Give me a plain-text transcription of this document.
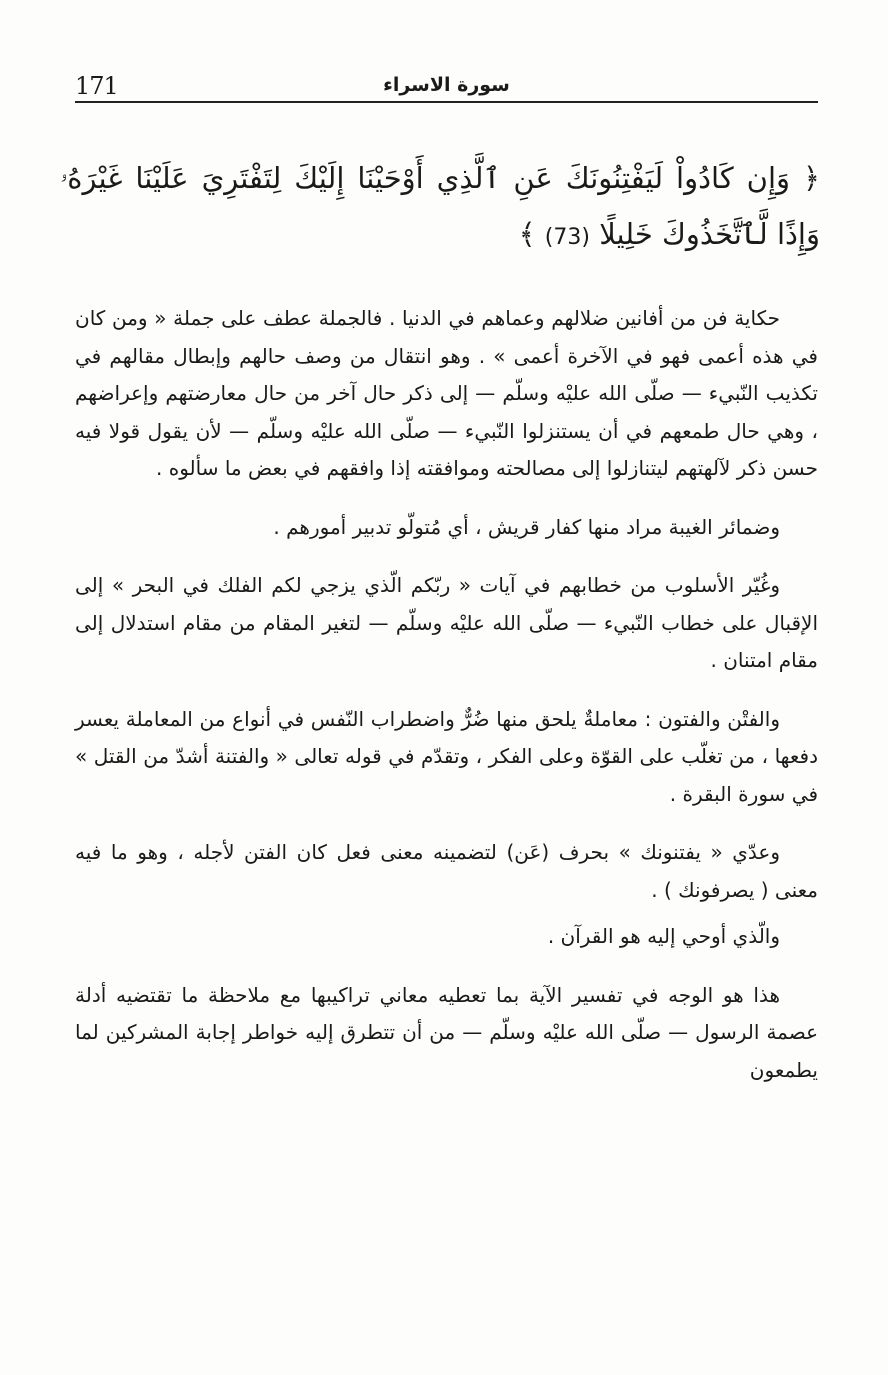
171	سورة الاسراء
﴿ وَإِن كَادُواْ لَيَفْتِنُونَكَ عَنِ ٱلَّذِي أَوْحَيْنَا إِلَيْكَ لِتَفْتَرِيَ عَلَيْنَا غَيْرَهُۥ وَإِذًا لَّٱتَّخَذُوكَ خَلِيلًا (73) ﴾

حكاية فن من أفانين ضلالهم وعماهم في الدنيا . فالجملة عطف على جملة « ومن كان في هذه أعمى فهو في الآخرة أعمى » . وهو انتقال من وصف حالهم وإبطال مقالهم في تكذيب النّبيء — صلّى الله عليْه وسلّم — إلى ذكر حال آخر من حال معارضتهم وإعراضهم ، وهي حال طمعهم في أن يستنزلوا النّبيء — صلّى الله عليْه وسلّم — لأن يقول قولا فيه حسن ذكر لآلهتهم ليتنازلوا إلى مصالحته وموافقته إذا وافقهم في بعض ما سألوه .

وضمائر الغيبة مراد منها كفار قريش ، أي مُتولّو تدبير أمورهم .

وغُيّر الأسلوب من خطابهم في آيات « ربّكم الّذي يزجي لكم الفلك في البحر » إلى الإقبال على خطاب النّبيء — صلّى الله عليْه وسلّم — لتغير المقام من مقام استدلال إلى مقام امتنان .

والفتْن والفتون : معاملةٌ يلحق منها ضُرٌّ واضطراب النّفس في أنواع من المعاملة يعسر دفعها ، من تغلّب على القوّة وعلى الفكر ، وتقدّم في قوله تعالى « والفتنة أشدّ من القتل » في سورة البقرة .

وعدّي « يفتنونك » بحرف (عَن) لتضمينه معنى فعل كان الفتن لأجله ، وهو ما فيه معنى ( يصرفونك ) .

والّذي أوحي إليه هو القرآن .

هذا هو الوجه في تفسير الآية بما تعطيه معاني تراكيبها مع ملاحظة ما تقتضيه أدلة عصمة الرسول — صلّى الله عليْه وسلّم — من أن تتطرق إليه خواطر إجابة المشركين لما يطمعون
